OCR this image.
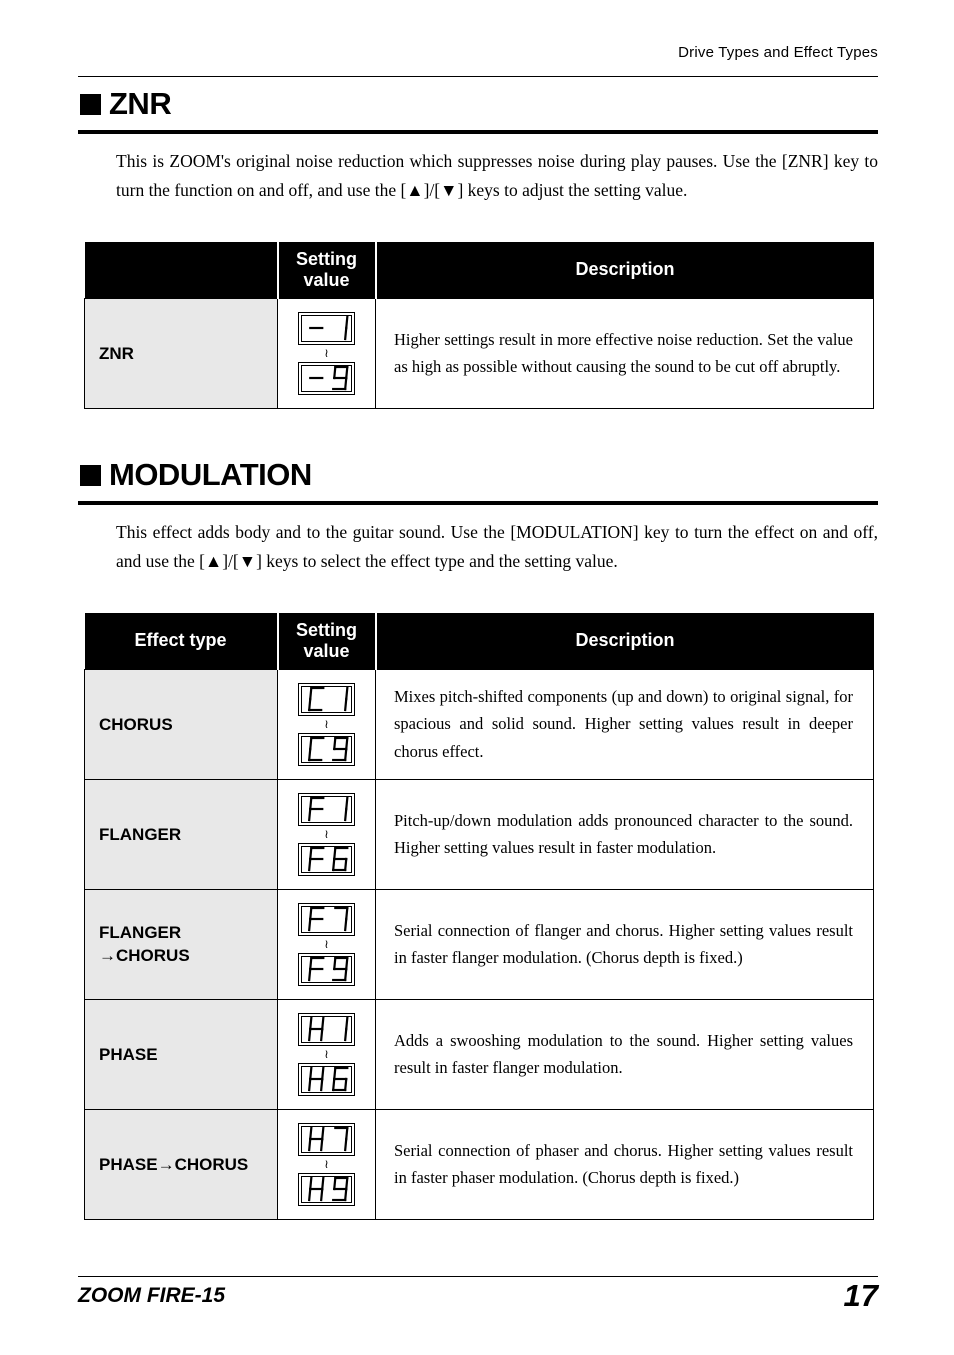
Drive Types and Effect Types
ZNR

This is ZOOM's original noise reduction which suppresses noise during play pauses. Use the [ZNR] key to turn the function on and off, and use the [▲]/[▼] keys to adjust the setting value.

	Setting value	Description
ZNR	≀	Higher settings result in more effective noise reduction. Set the value as high as possible without causing the sound to be cut off abruptly.
MODULATION

This effect adds body and to the guitar sound. Use the [MODULATION] key to turn the effect on and off, and use the [▲]/[▼] keys to select the effect type and the setting value.

Effect type	Setting value	Description
CHORUS	≀	Mixes pitch-shifted components (up and down) to original signal, for spacious and solid sound. Higher setting values result in deeper chorus effect.
FLANGER	≀	Pitch-up/down modulation adds pronounced character to the sound. Higher setting values result in faster modulation.
FLANGER
→CHORUS	≀	Serial connection of flanger and chorus. Higher setting values result in faster flanger modulation. (Chorus depth is fixed.)
PHASE	≀	Adds a swooshing modulation to the sound. Higher setting values result in faster flanger modulation.
PHASE→CHORUS	≀	Serial connection of phaser and chorus. Higher setting values result in faster phaser modulation. (Chorus depth is fixed.)
ZOOM FIRE-15	17
